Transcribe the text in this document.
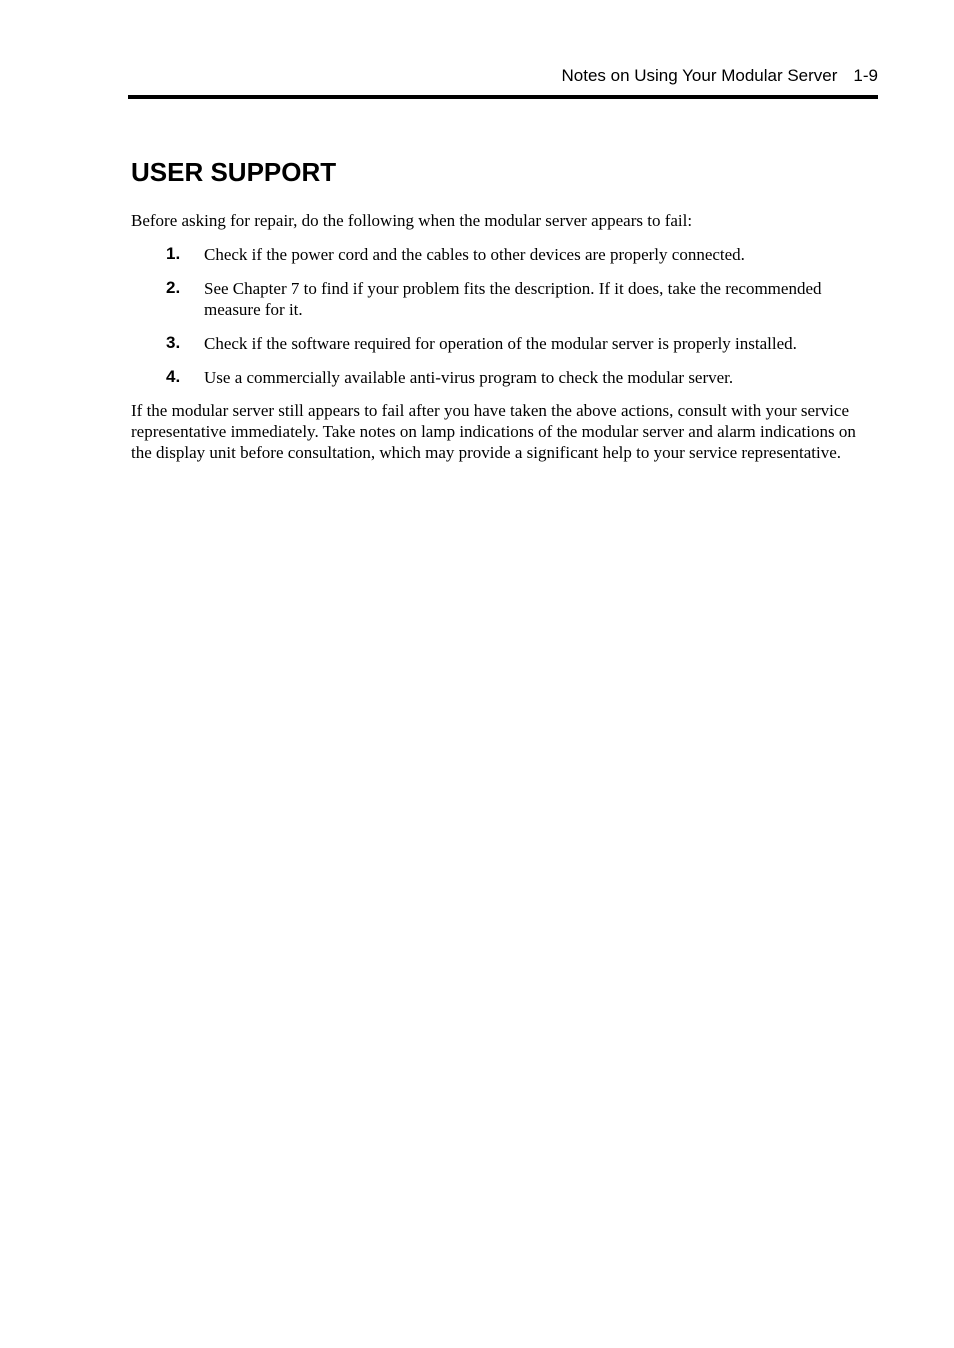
Notes on Using Your Modular Server 1-9
USER SUPPORT

Before asking for repair, do the following when the modular server appears to fail:

1. Check if the power cord and the cables to other devices are properly connected.
2. See Chapter 7 to find if your problem fits the description. If it does, take the recommended measure for it.
3. Check if the software required for operation of the modular server is properly installed.
4. Use a commercially available anti-virus program to check the modular server.

If the modular server still appears to fail after you have taken the above actions, consult with your service representative immediately. Take notes on lamp indications of the modular server and alarm indications on the display unit before consultation, which may provide a significant help to your service representative.
